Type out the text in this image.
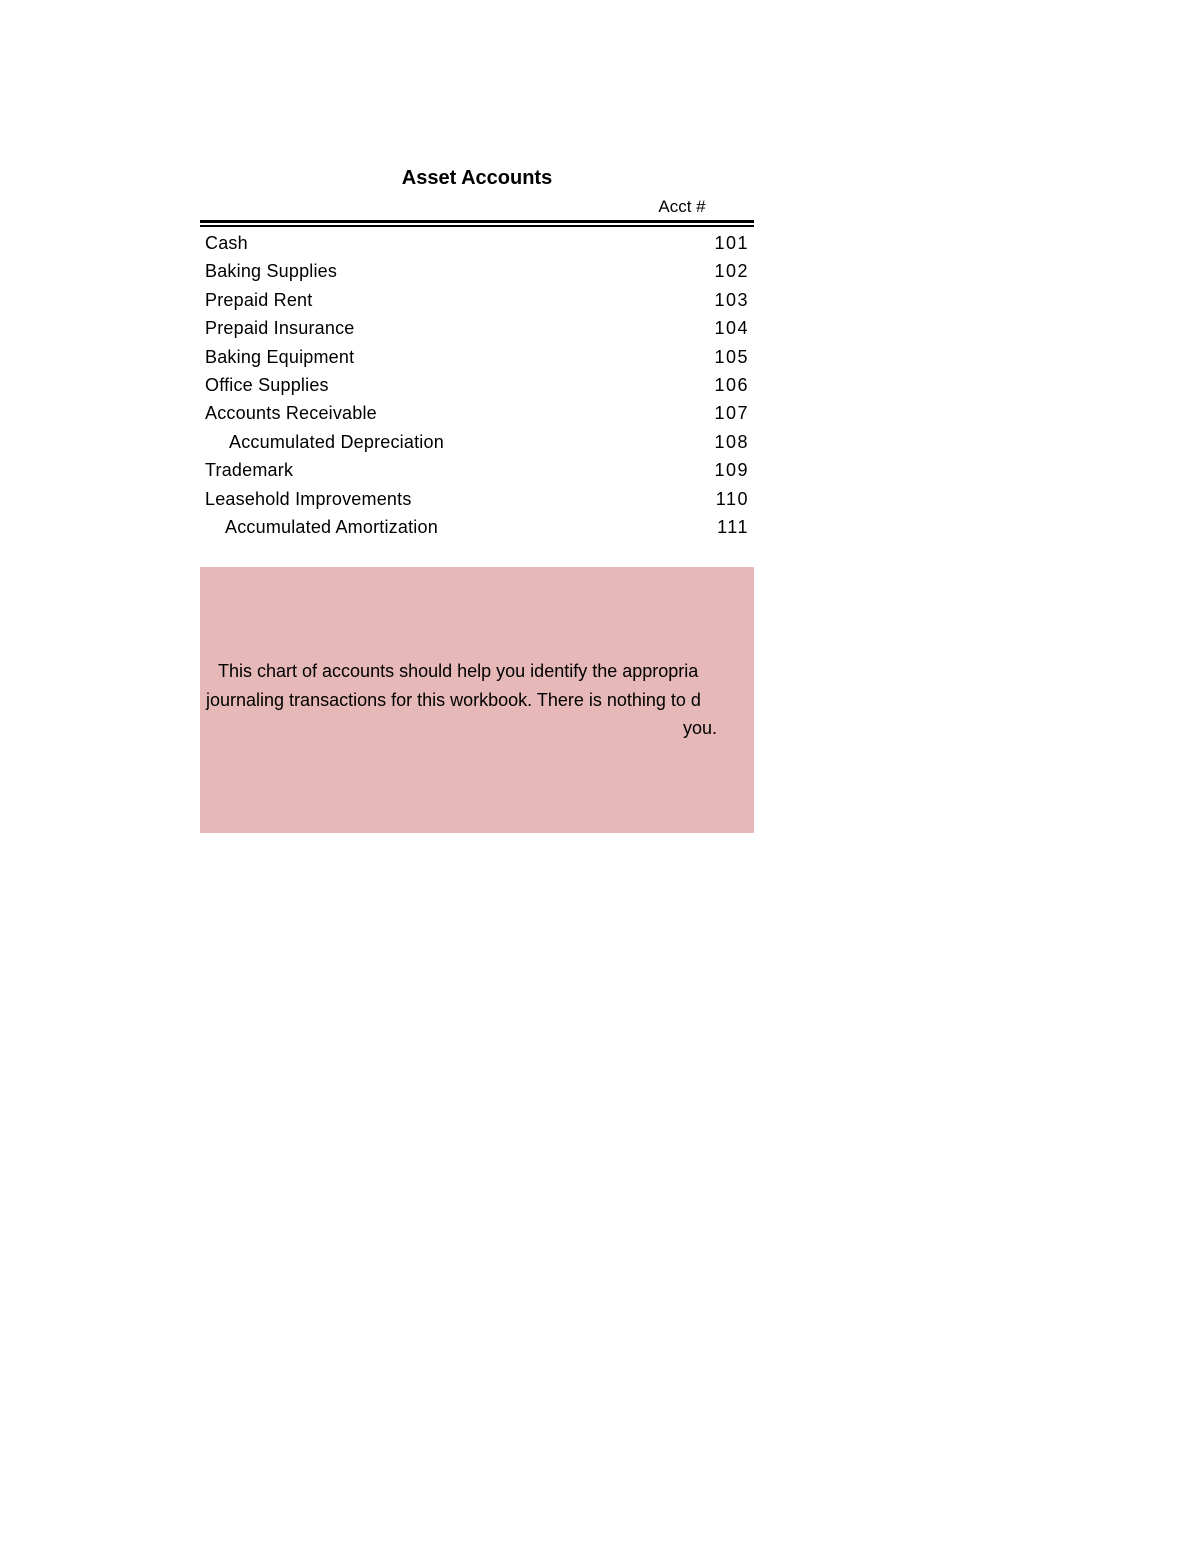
Asset Accounts
Acct #
Cash	101
Baking Supplies	102
Prepaid Rent	103
Prepaid Insurance	104
Baking Equipment	105
Office Supplies	106
Accounts Receivable	107
Accumulated Depreciation	108
Trademark	109
Leasehold Improvements	110
Accumulated Amortization	111
This chart of accounts should help you identify the appropria
journaling transactions for this workbook. There is nothing to d
you.
